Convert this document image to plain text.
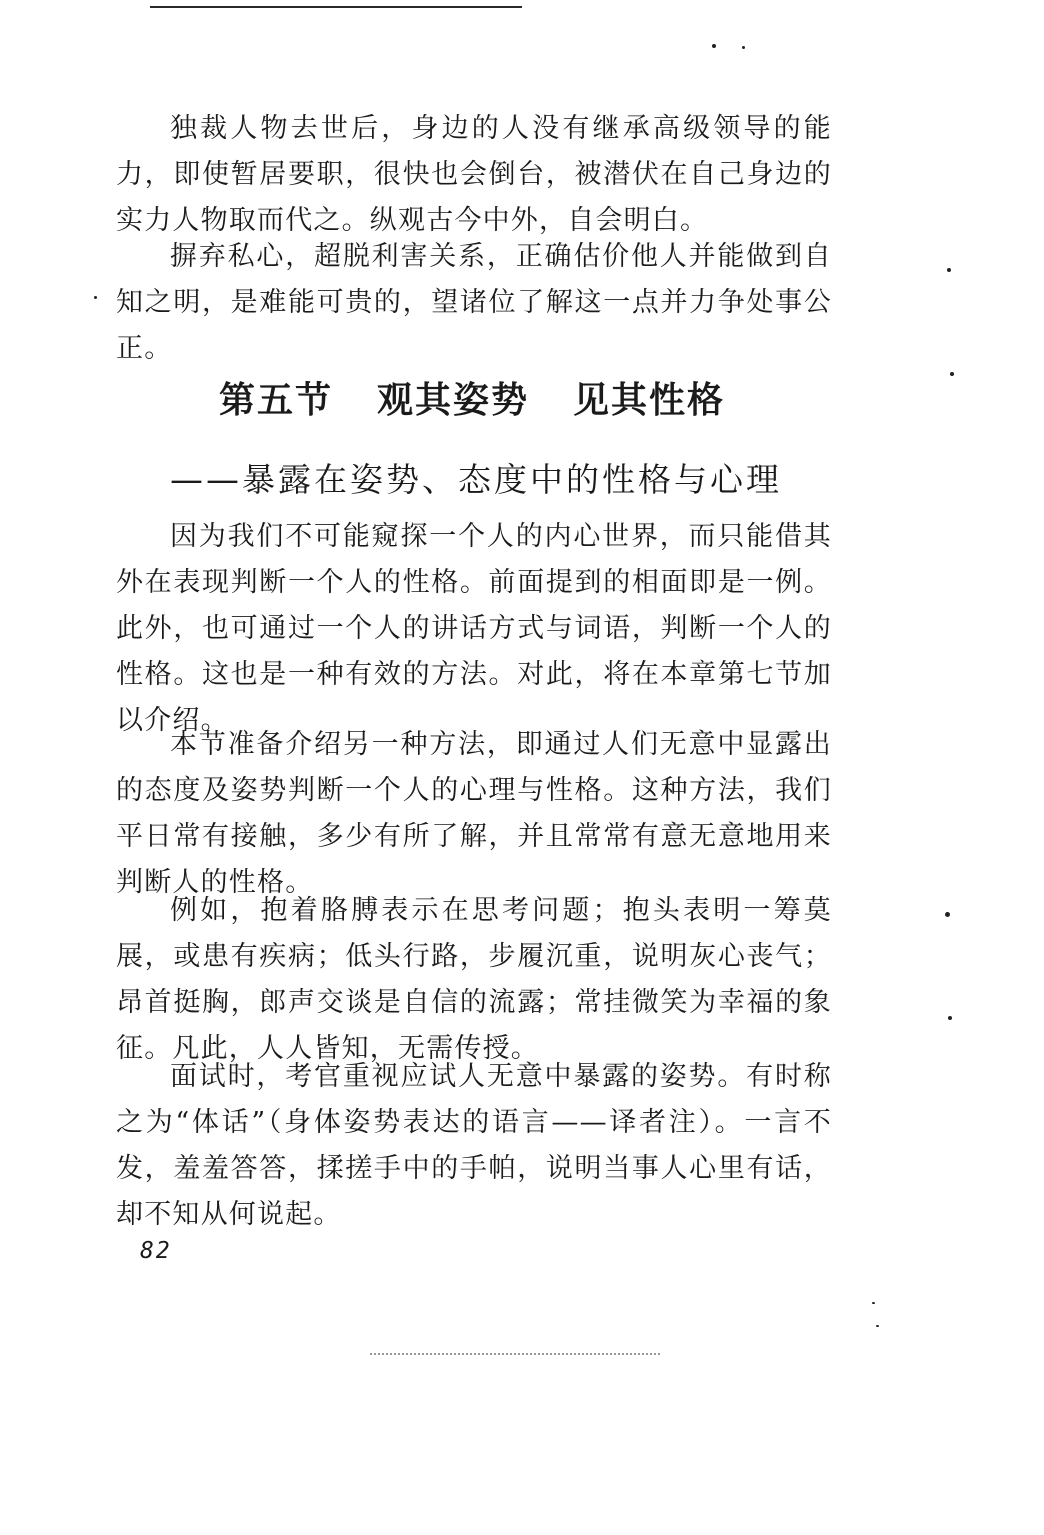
独裁人物去世后，身边的人没有继承高级领导的能力，即使暂居要职，很快也会倒台，被潜伏在自己身边的实力人物取而代之。纵观古今中外，自会明白。

摒弃私心，超脱利害关系，正确估价他人并能做到自知之明，是难能可贵的，望诸位了解这一点并力争处事公正。

第五节 观其姿势 见其性格
——暴露在姿势、态度中的性格与心理

因为我们不可能窥探一个人的内心世界，而只能借其外在表现判断一个人的性格。前面提到的相面即是一例。此外，也可通过一个人的讲话方式与词语，判断一个人的性格。这也是一种有效的方法。对此，将在本章第七节加以介绍。

本节准备介绍另一种方法，即通过人们无意中显露出的态度及姿势判断一个人的心理与性格。这种方法，我们平日常有接触，多少有所了解，并且常常有意无意地用来判断人的性格。

例如，抱着胳膊表示在思考问题；抱头表明一筹莫展，或患有疾病；低头行路，步履沉重，说明灰心丧气；昂首挺胸，郎声交谈是自信的流露；常挂微笑为幸福的象征。凡此，人人皆知，无需传授。

面试时，考官重视应试人无意中暴露的姿势。有时称之为“体话”（身体姿势表达的语言——译者注）。一言不发，羞羞答答，揉搓手中的手帕，说明当事人心里有话，却不知从何说起。

82
